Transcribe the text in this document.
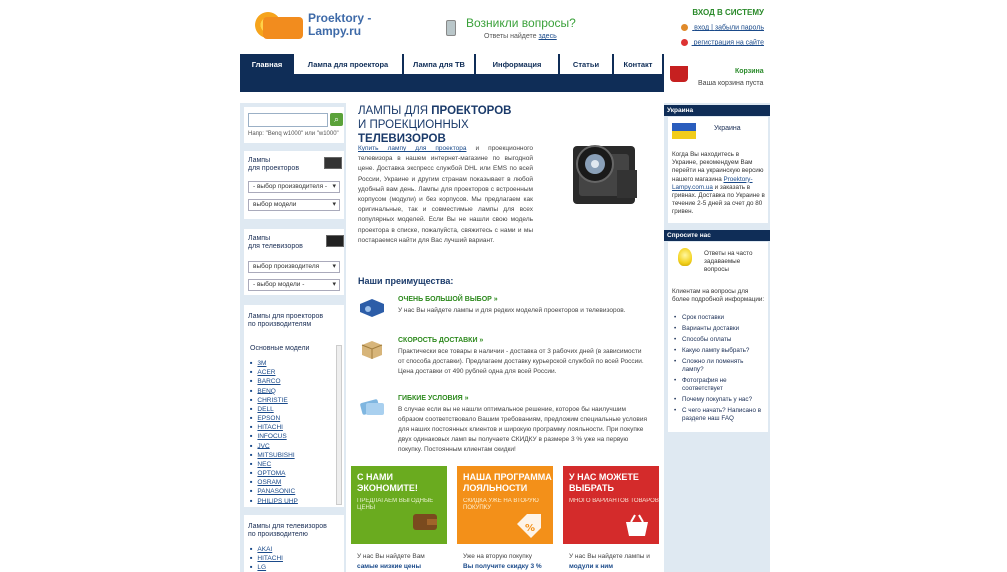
Proektory -
Lampy.ru
Возникли вопросы?
Ответы найдете здесь
ВХОД В СИСТЕМУ
вход | забыли пароль
регистрация на сайте
Главная	Лампа для проектора	Лампа для ТВ	Информация	Статьи	Контакт
Корзина
Ваша корзина пуста
⌕
Напр: "Benq w1000" или "w1000"
Лампы
для проекторов
- выбор производителя - ▾
выбор модели ▾
Лампы
для телевизоров
выбор производителя ▾
- выбор модели - ▾
Лампы для проекторов
по производителям
Основные модели
■ 3M
■ ACER
■ BARCO
■ BENQ
■ CHRISTIE
■ DELL
■ EPSON
■ HITACHI
■ INFOCUS
■ JVC
■ MITSUBISHI
■ NEC
■ OPTOMA
■ OSRAM
■ PANASONIC
■ PHILIPS UHP
Лампы для телевизоров
по производителю
■ AKAI
■ HITACHI
■ LG
ЛАМПЫ ДЛЯ ПРОЕКТОРОВ
И ПРОЕКЦИОННЫХ ТЕЛЕВИЗОРОВ
Купить лампу для проектора и проекционного телевизора в нашем интернет-магазине по выгодной цене. Доставка экспресс службой DHL или EMS по всей России, Украине и другим странам показывает в любой удобный вам день. Лампы для проекторов с встроенным корпусом (модули) и без корпусов. Мы предлагаем как оригинальные, так и совместимые лампы для всех популярных моделей. Если Вы не нашли свою модель проектора в списке, пожалуйста, свяжитесь с нами и мы постараемся найти для Вас лучший вариант.
Наши преимущества:
ОЧЕНЬ БОЛЬШОЙ ВЫБОР »
У нас Вы найдете лампы и для редких моделей проекторов и телевизоров.
СКОРОСТЬ ДОСТАВКИ »
Практически все товары в наличии - доставка от 3 рабочих дней (в зависимости от способа доставки). Предлагаем доставку курьерской службой по всей России. Цена доставки от 490 рублей одна для всей России.
ГИБКИЕ УСЛОВИЯ »
В случае если вы не нашли оптимальное решение, которое бы наилучшим образом соответствовало Вашим требованиям, предложим специальные условия для наших постоянных клиентов и широкую программу лояльности. При покупке двух одинаковых ламп вы получаете СКИДКУ в размере 3 % уже на первую покупку. Постоянным клиентам скидки!
С НАМИ ЭКОНОМИТЕ!
ПРЕДЛАГАЕМ ВЫГОДНЫЕ ЦЕНЫ
У нас Вы найдете Вам
самые низкие цены
НАША ПРОГРАММА ЛОЯЛЬНОСТИ
СКИДКА УЖЕ НА ВТОРУЮ ПОКУПКУ
%
Уже на вторую покупку
Вы получите скидку 3 %
У НАС МОЖЕТЕ ВЫБРАТЬ
МНОГО ВАРИАНТОВ ТОВАРОВ
У нас Вы найдете лампы и
модули к ним
Украина
Украина
Когда Вы находитесь в Украине, рекомендуем Вам перейти на украинскую версию нашего магазина Proektory-Lampy.com.ua и заказать в гривнах. Доставка по Украине в течение 2-5 дней за счет до 80 гривен.
Спросите нас
Ответы на часто задаваемые вопросы
Клиентам на вопросы для более подробной информации:
• Срок поставки
• Варианты доставки
• Способы оплаты
• Какую лампу выбрать?
• Сложно ли поменять лампу?
• Фотография не соответствует
• Почему покупать у нас?
• С чего начать? Написано в разделе наш FAQ
